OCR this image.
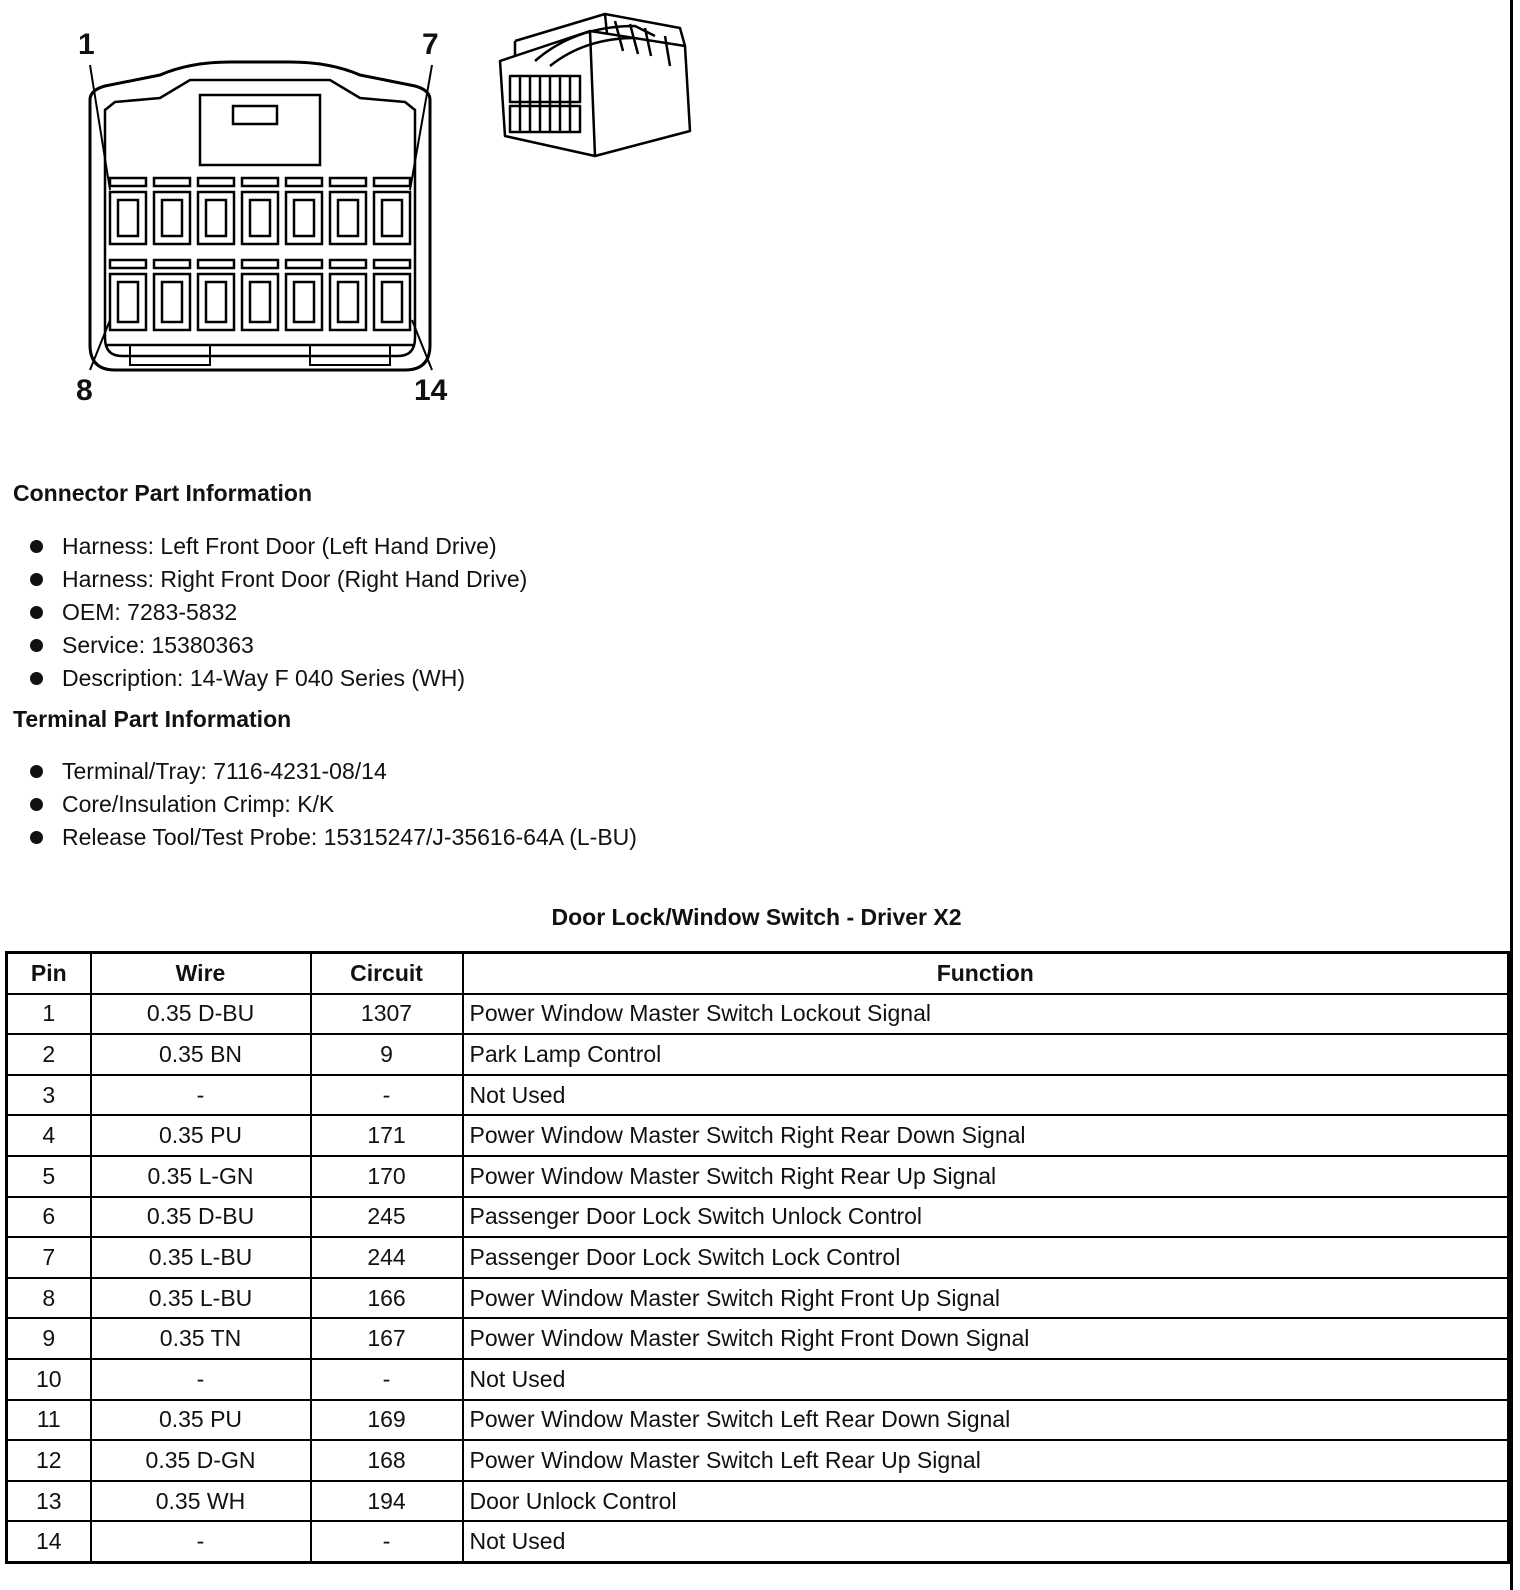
1	7
8	14
Connector Part Information
Harness: Left Front Door (Left Hand Drive)
Harness: Right Front Door (Right Hand Drive)
OEM: 7283-5832
Service: 15380363
Description: 14-Way F 040 Series (WH)
Terminal Part Information
Terminal/Tray: 7116-4231-08/14
Core/Insulation Crimp: K/K
Release Tool/Test Probe: 15315247/J-35616-64A (L-BU)
Door Lock/Window Switch - Driver X2
Pin	Wire	Circuit	Function
1	0.35 D-BU	1307	Power Window Master Switch Lockout Signal
2	0.35 BN	9	Park Lamp Control
3	-	-	Not Used
4	0.35 PU	171	Power Window Master Switch Right Rear Down Signal
5	0.35 L-GN	170	Power Window Master Switch Right Rear Up Signal
6	0.35 D-BU	245	Passenger Door Lock Switch Unlock Control
7	0.35 L-BU	244	Passenger Door Lock Switch Lock Control
8	0.35 L-BU	166	Power Window Master Switch Right Front Up Signal
9	0.35 TN	167	Power Window Master Switch Right Front Down Signal
10	-	-	Not Used
11	0.35 PU	169	Power Window Master Switch Left Rear Down Signal
12	0.35 D-GN	168	Power Window Master Switch Left Rear Up Signal
13	0.35 WH	194	Door Unlock Control
14	-	-	Not Used
